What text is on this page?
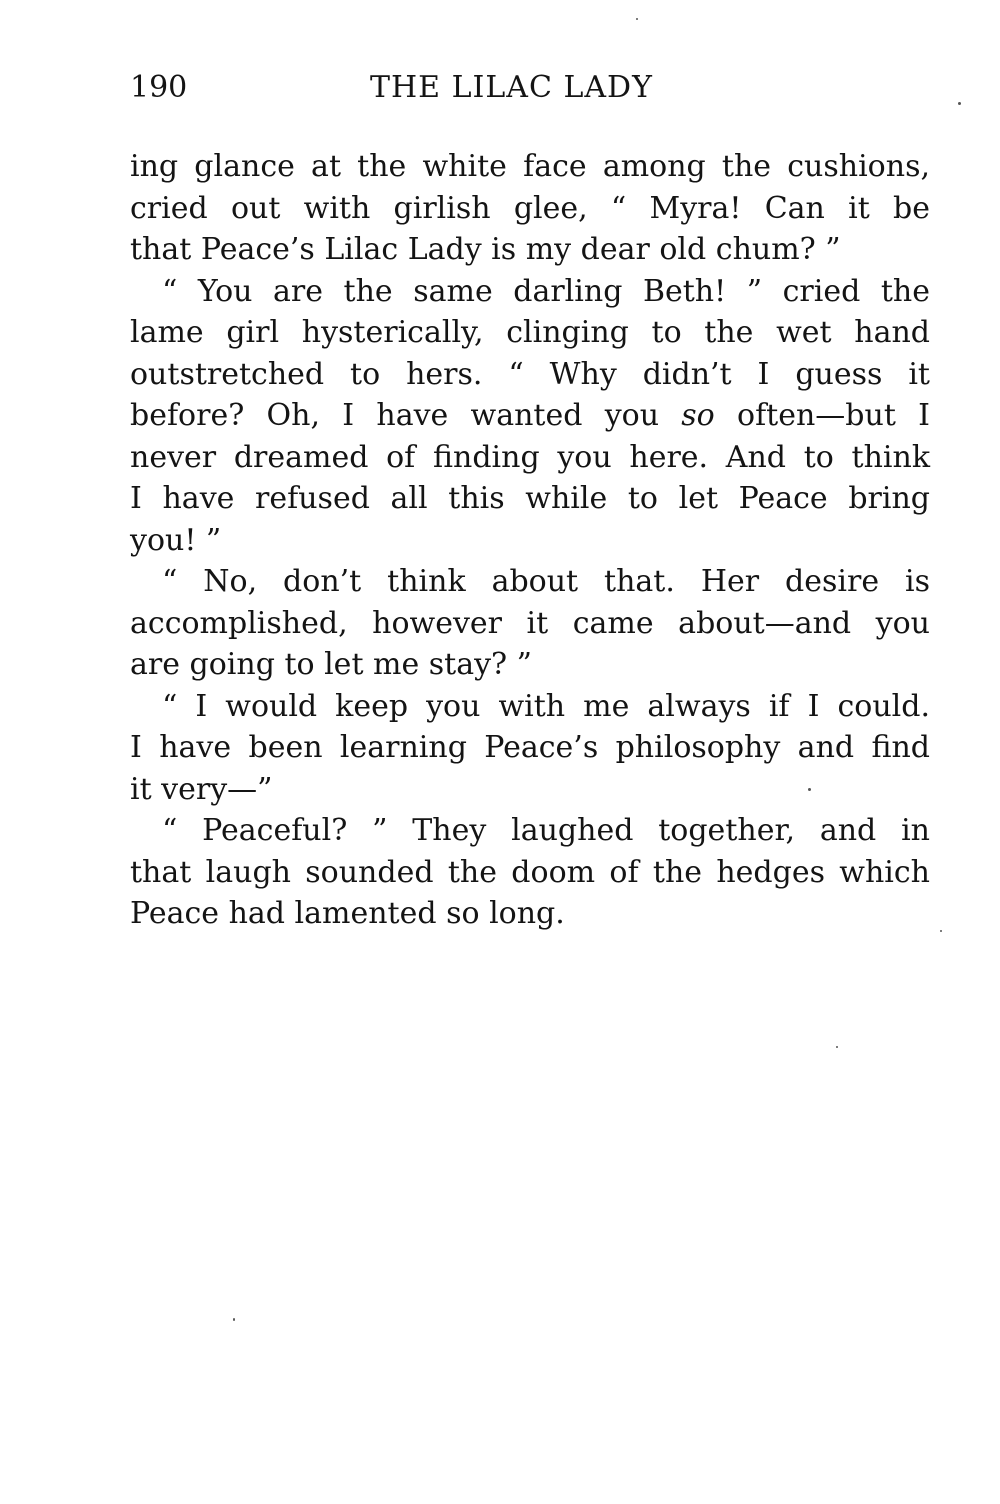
190	THE LILAC LADY
ing glance at the white face among the cushions,
cried out with girlish glee, “ Myra! Can it be
that Peace’s Lilac Lady is my dear old chum? ”
“ You are the same darling Beth! ” cried the
lame girl hysterically, clinging to the wet hand
outstretched to hers. “ Why didn’t I guess it
before? Oh, I have wanted you so often—but I
never dreamed of finding you here. And to think
I have refused all this while to let Peace bring
you! ”
“ No, don’t think about that. Her desire is
accomplished, however it came about—and you
are going to let me stay? ”
“ I would keep you with me always if I could.
I have been learning Peace’s philosophy and find
it very—”
“ Peaceful? ” They laughed together, and in
that laugh sounded the doom of the hedges which
Peace had lamented so long.
